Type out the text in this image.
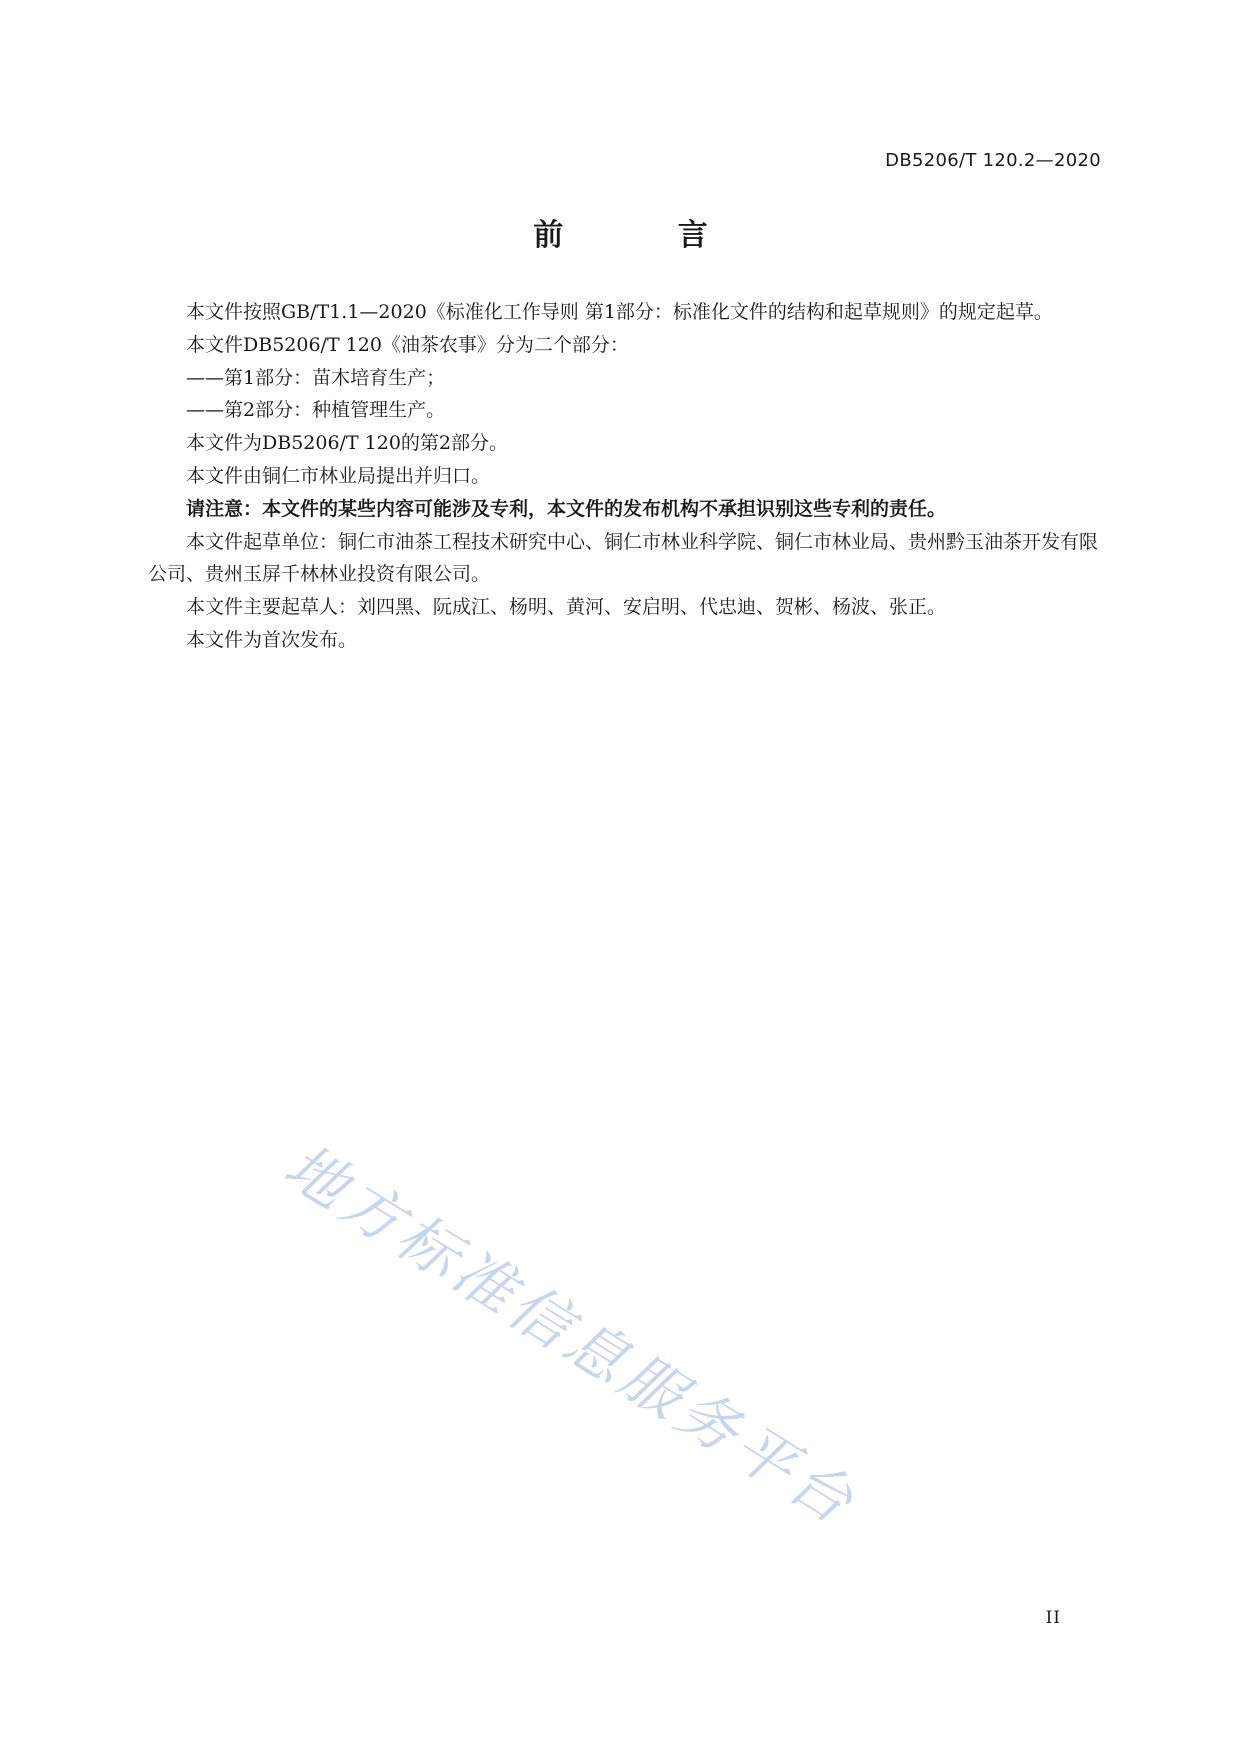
DB5206/T 120.2—2020
前 言

本文件按照GB/T1.1—2020《标准化工作导则 第1部分：标准化文件的结构和起草规则》的规定起草。

本文件DB5206/T 120《油茶农事》分为二个部分：

——第1部分：苗木培育生产；

——第2部分：种植管理生产。

本文件为DB5206/T 120的第2部分。

本文件由铜仁市林业局提出并归口。

请注意：本文件的某些内容可能涉及专利，本文件的发布机构不承担识别这些专利的责任。

本文件起草单位：铜仁市油茶工程技术研究中心、铜仁市林业科学院、铜仁市林业局、贵州黔玉油茶开发有限公司、贵州玉屏千林林业投资有限公司。

本文件主要起草人：刘四黑、阮成江、杨明、黄河、安启明、代忠迪、贺彬、杨波、张正。

本文件为首次发布。

地方标准信息服务平台
II
